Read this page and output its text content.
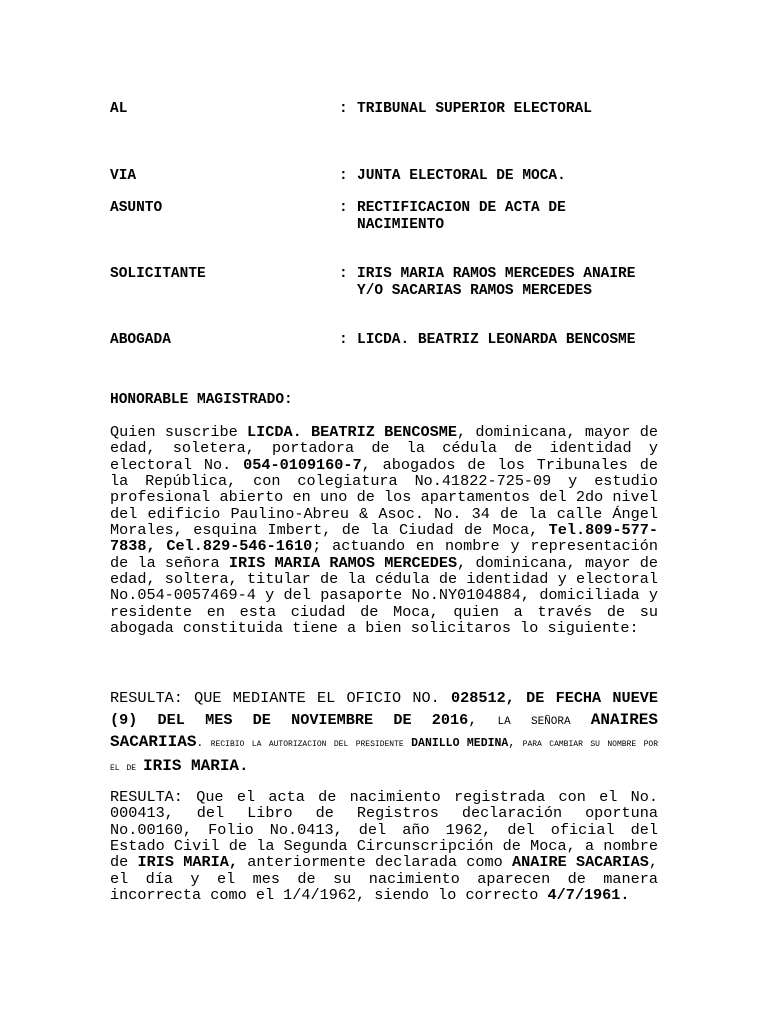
AL	: TRIBUNAL SUPERIOR ELECTORAL
VIA	: JUNTA ELECTORAL DE MOCA.
ASUNTO	: RECTIFICACION DE ACTA DE
NACIMIENTO
SOLICITANTE	: IRIS MARIA RAMOS MERCEDES ANAIRE
Y/O SACARIAS RAMOS MERCEDES
ABOGADA	: LICDA. BEATRIZ LEONARDA BENCOSME
HONORABLE MAGISTRADO:

Quien suscribe LICDA. BEATRIZ BENCOSME, dominicana, mayor de edad, soletera, portadora de la cédula de identidad y electoral No. 054-0109160-7, abogados de los Tribunales de la República, con colegiatura No.41822-725-09 y estudio profesional abierto en uno de los apartamentos del 2do nivel del edificio Paulino-Abreu & Asoc. No. 34 de la calle Ángel Morales, esquina Imbert, de la Ciudad de Moca, Tel.809-577-7838, Cel.829-546-1610; actuando en nombre y representación de la señora IRIS MARIA RAMOS MERCEDES, dominicana, mayor de edad, soltera, titular de la cédula de identidad y electoral No.054-0057469-4 y del pasaporte No.NY0104884, domiciliada y residente en esta ciudad de Moca, quien a través de su abogada constituida tiene a bien solicitaros lo siguiente:

RESULTA: QUE MEDIANTE EL OFICIO NO. 028512, DE FECHA NUEVE (9) DEL MES DE NOVIEMBRE DE 2016, la señora ANAIRES SACARIIAS. recibio la autorizacion del presidente DANILLO MEDINA, para cambiar su nombre por el de IRIS MARIA.

RESULTA: Que el acta de nacimiento registrada con el No. 000413, del Libro de Registros declaración oportuna No.00160, Folio No.0413, del año 1962, del oficial del Estado Civil de la Segunda Circunscripción de Moca, a nombre de IRIS MARIA, anteriormente declarada como ANAIRE SACARIAS, el día y el mes de su nacimiento aparecen de manera incorrecta como el 1/4/1962, siendo lo correcto 4/7/1961.
